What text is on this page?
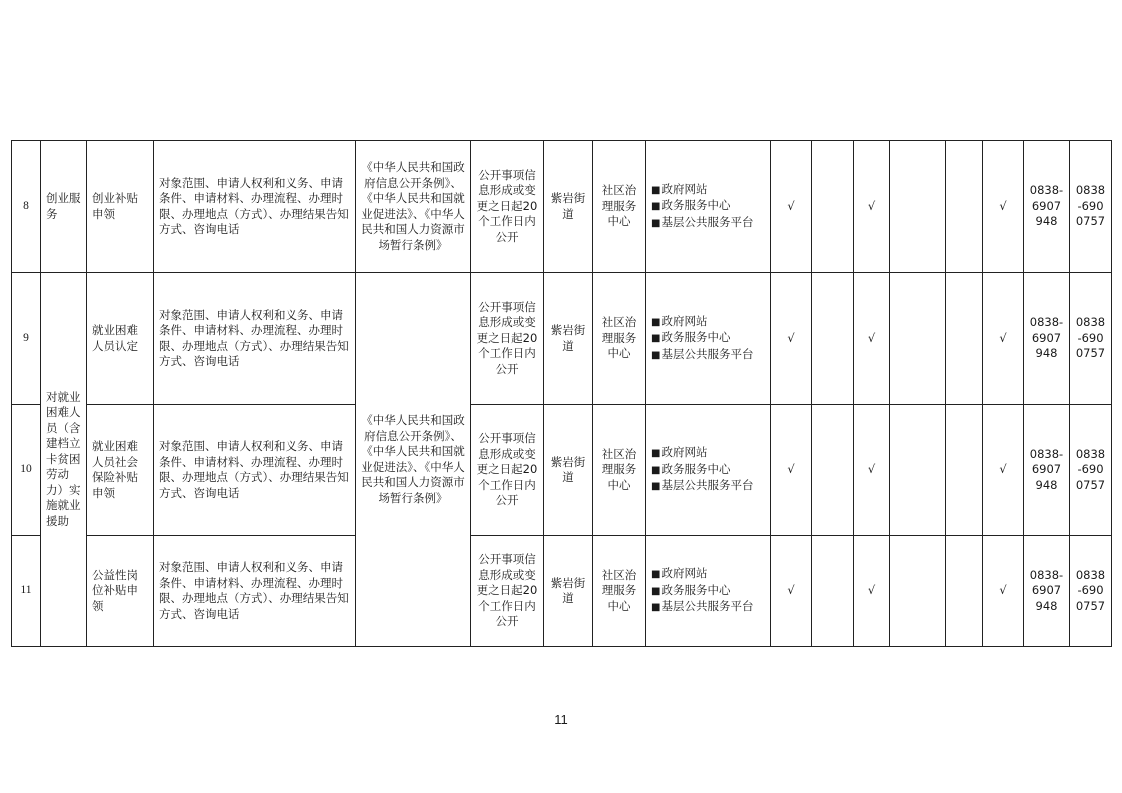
8	创业服务	创业补贴申领	对象范围、申请人权利和义务、申请条件、申请材料、办理流程、办理时限、办理地点（方式）、办理结果告知方式、咨询电话	《中华人民共和国政府信息公开条例》、《中华人民共和国就业促进法》、《中华人民共和国人力资源市场暂行条例》	公开事项信息形成或变更之日起20个工作日内公开	紫岩街道	社区治理服务中心	■政府网站
■政务服务中心
■基层公共服务平台	√		√			√	0838-6907948	0838-6900757

9	对就业困难人员（含建档立卡贫困劳动力）实施就业援助	就业困难人员认定	对象范围、申请人权利和义务、申请条件、申请材料、办理流程、办理时限、办理地点（方式）、办理结果告知方式、咨询电话	《中华人民共和国政府信息公开条例》、《中华人民共和国就业促进法》、《中华人民共和国人力资源市场暂行条例》	公开事项信息形成或变更之日起20个工作日内公开	紫岩街道	社区治理服务中心	■政府网站
■政务服务中心
■基层公共服务平台	√		√			√	0838-6907948	0838-6900757

10		就业困难人员社会保险补贴申领	对象范围、申请人权利和义务、申请条件、申请材料、办理流程、办理时限、办理地点（方式）、办理结果告知方式、咨询电话		公开事项信息形成或变更之日起20个工作日内公开	紫岩街道	社区治理服务中心	■政府网站
■政务服务中心
■基层公共服务平台	√		√			√	0838-6907948	0838-6900757

11		公益性岗位补贴申领	对象范围、申请人权利和义务、申请条件、申请材料、办理流程、办理时限、办理地点（方式）、办理结果告知方式、咨询电话		公开事项信息形成或变更之日起20个工作日内公开	紫岩街道	社区治理服务中心	■政府网站
■政务服务中心
■基层公共服务平台	√		√			√	0838-6907948	0838-6900757
11
